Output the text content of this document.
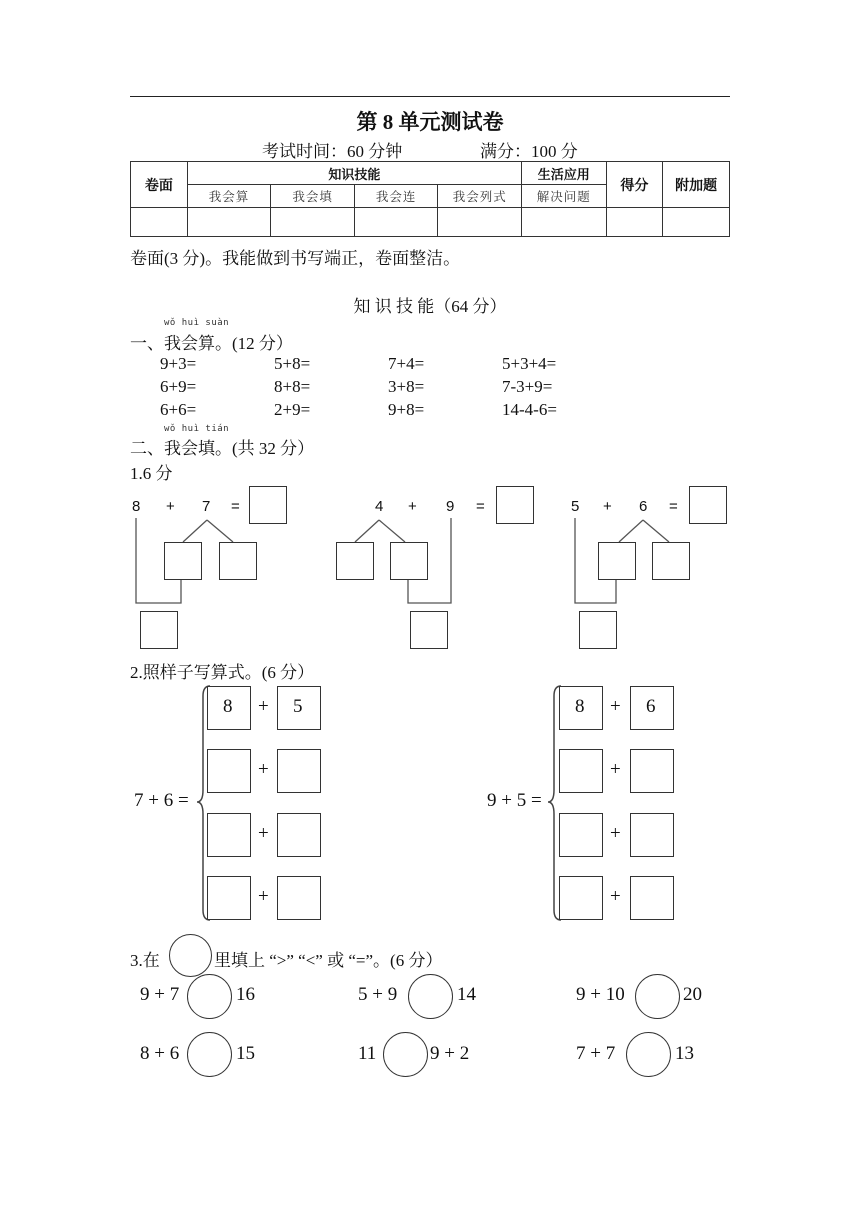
第 8 单元测试卷
考试时间：60 分钟	满分：100 分
卷面	知识技能				生活应用	得分	附加题
	我会算	我会填	我会连	我会列式	解决问题		

卷面(3 分)。我能做到书写端正，卷面整洁。
知 识 技 能（64 分）
wǒ huì suàn
一、我会算。(12 分）
9+3=	5+8=	7+4=	5+3+4=
6+9=	8+8=	3+8=	7-3+9=
6+6=	2+9=	9+8=	14-4-6=
wǒ huì tián
二、我会填。(共 32 分）
1.6 分
8 + 7 =	4 + 9 =	5 + 6 =
2.照样子写算式。(6 分）
7 + 6 =
8 + 5
+
+
+
9 + 5 =
8 + 6
+
+
+
3.在	里填上 “>” “<” 或 “=”。(6 分）
9 + 7	16	5 + 9	14	9 + 10	20
8 + 6	15	11	9 + 2	7 + 7	13
